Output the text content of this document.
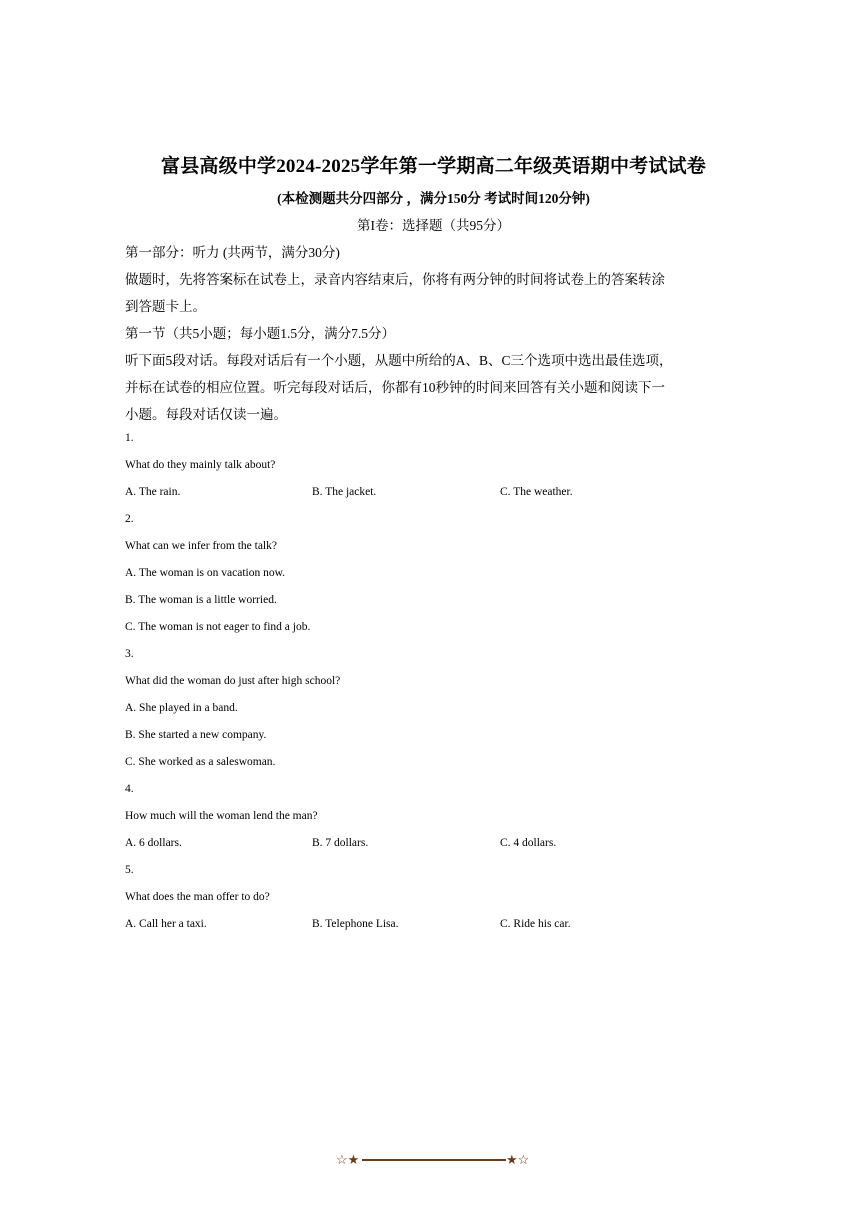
富县高级中学2024-2025学年第一学期高二年级英语期中考试试卷
(本检测题共分四部分 ，满分150分 考试时间120分钟)
第I卷：选择题（共95分）
第一部分：听力 (共两节，满分30分)
做题时，先将答案标在试卷上，录音内容结束后，你将有两分钟的时间将试卷上的答案转涂
到答题卡上。
第一节（共5小题；每小题1.5分，满分7.5分）
听下面5段对话。每段对话后有一个小题，从题中所给的A、B、C三个选项中选出最佳选项，
并标在试卷的相应位置。听完每段对话后，你都有10秒钟的时间来回答有关小题和阅读下一
小题。每段对话仅读一遍。
1.
What do they mainly talk about?
A. The rain.	B. The jacket.	C. The weather.
2.
What can we infer from the talk?
A. The woman is on vacation now.
B. The woman is a little worried.
C. The woman is not eager to find a job.
3.
What did the woman do just after high school?
A. She played in a band.
B. She started a new company.
C. She worked as a saleswoman.
4.
How much will the woman lend the man?
A. 6 dollars.	B. 7 dollars.	C. 4 dollars.
5.
What does the man offer to do?
A. Call her a taxi.	B. Telephone Lisa.	C. Ride his car.
☆★	★☆
